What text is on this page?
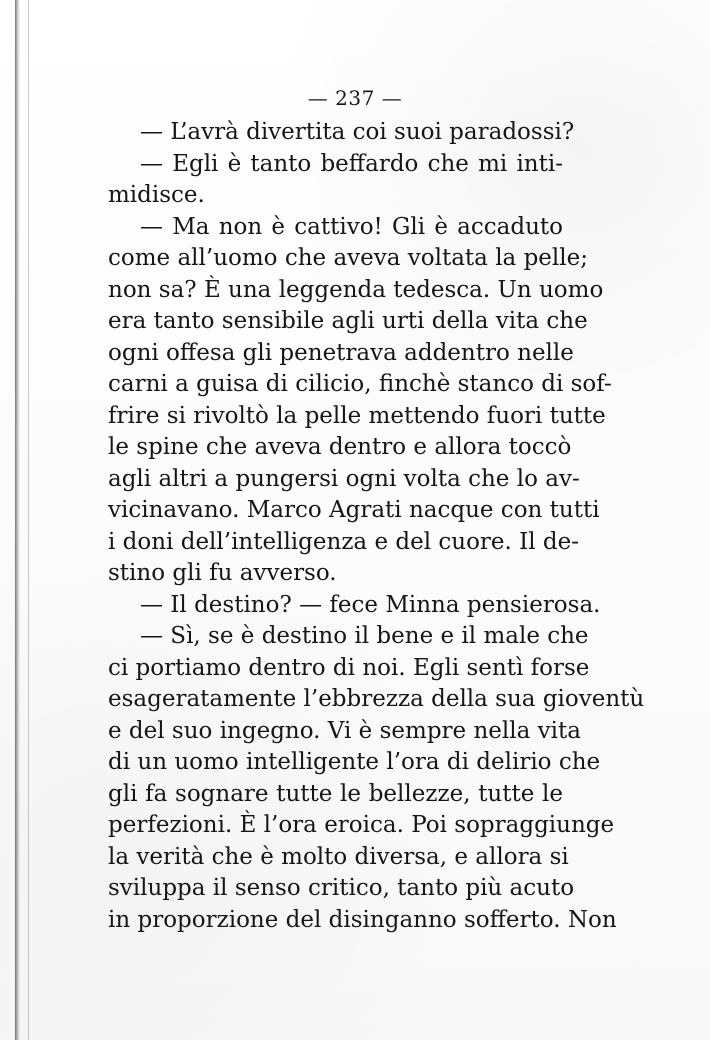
— 237 —
— L’avrà divertita coi suoi paradossi?
— Egli è tanto beffardo che mi inti-
midisce.
— Ma non è cattivo! Gli è accaduto
come all’uomo che aveva voltata la pelle;
non sa? È una leggenda tedesca. Un uomo
era tanto sensibile agli urti della vita che
ogni offesa gli penetrava addentro nelle
carni a guisa di cilicio, finchè stanco di sof-
frire si rivoltò la pelle mettendo fuori tutte
le spine che aveva dentro e allora toccò
agli altri a pungersi ogni volta che lo av-
vicinavano. Marco Agrati nacque con tutti
i doni dell’intelligenza e del cuore. Il de-
stino gli fu avverso.
— Il destino? — fece Minna pensierosa.
— Sì, se è destino il bene e il male che
ci portiamo dentro di noi. Egli sentì forse
esageratamente l’ebbrezza della sua gioventù
e del suo ingegno. Vi è sempre nella vita
di un uomo intelligente l’ora di delirio che
gli fa sognare tutte le bellezze, tutte le
perfezioni. È l’ora eroica. Poi sopraggiunge
la verità che è molto diversa, e allora si
sviluppa il senso critico, tanto più acuto
in proporzione del disinganno sofferto. Non
